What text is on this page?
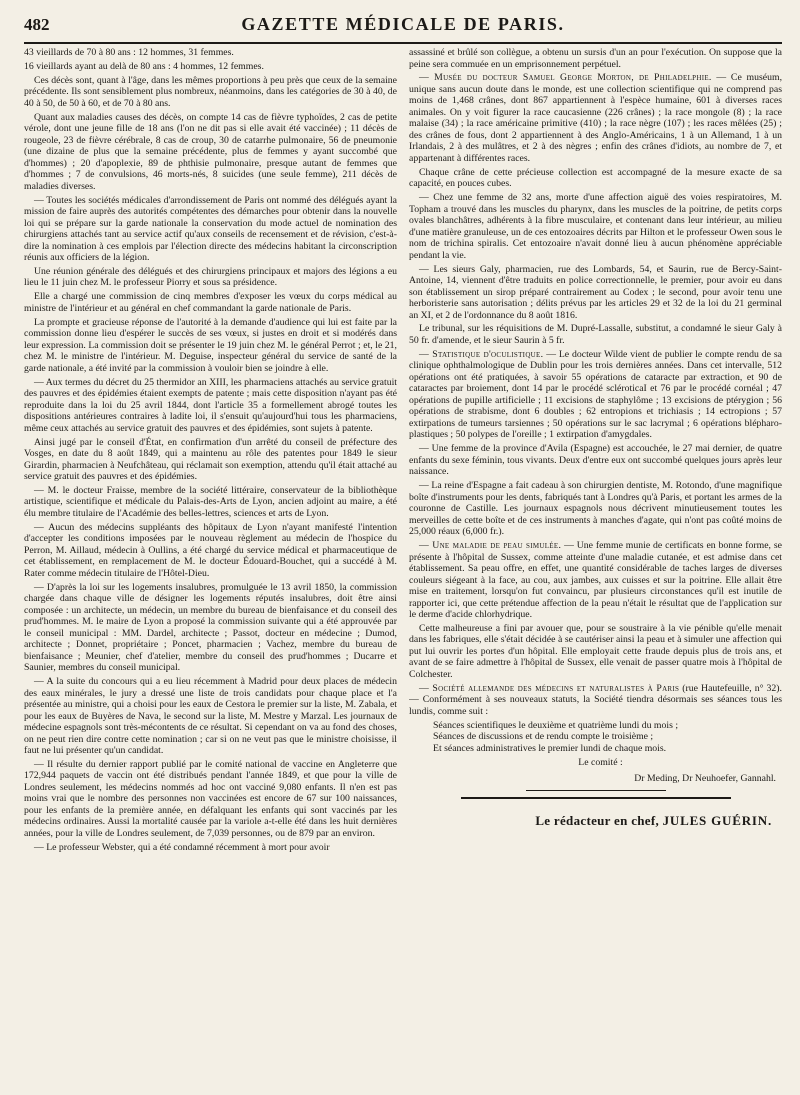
482	GAZETTE MÉDICALE DE PARIS.

43 vieillards de 70 à 80 ans : 12 hommes, 31 femmes.

16 vieillards ayant au delà de 80 ans : 4 hommes, 12 femmes.

Ces décès sont, quant à l'âge, dans les mêmes proportions à peu près que ceux de la semaine précédente. Ils sont sensiblement plus nombreux, néanmoins, dans les catégories de 30 à 40, de 40 à 50, de 50 à 60, et de 70 à 80 ans.

Quant aux maladies causes des décès, on compte 14 cas de fièvre typhoïdes, 2 cas de petite vérole, dont une jeune fille de 18 ans (l'on ne dit pas si elle avait été vaccinée) ; 11 décès de rougeole, 23 de fièvre cérébrale, 8 cas de croup, 30 de catarrhe pulmonaire, 56 de pneumonie (une dizaine de plus que la semaine précédente, plus de femmes y ayant succombé que d'hommes) ; 20 d'apoplexie, 89 de phthisie pulmonaire, presque autant de femmes que d'hommes ; 7 de convulsions, 46 morts-nés, 8 suicides (une seule femme), 211 décès de maladies diverses.

— Toutes les sociétés médicales d'arrondissement de Paris ont nommé des délégués ayant la mission de faire auprès des autorités compétentes des démarches pour obtenir dans la nouvelle loi qui se prépare sur la garde nationale la conservation du mode actuel de nomination des chirurgiens attachés tant au service actif qu'aux conseils de recensement et de révision, c'est-à-dire la nomination à ces emplois par l'élection directe des médecins habitant la circonscription réunis aux officiers de la légion.

Une réunion générale des délégués et des chirurgiens principaux et majors des légions a eu lieu le 11 juin chez M. le professeur Piorry et sous sa présidence.

Elle a chargé une commission de cinq membres d'exposer les vœux du corps médical au ministre de l'intérieur et au général en chef commandant la garde nationale de Paris.

La prompte et gracieuse réponse de l'autorité à la demande d'audience qui lui est faite par la commission donne lieu d'espérer le succès de ses vœux, si justes en droit et si modérés dans leur expression. La commission doit se présenter le 19 juin chez M. le général Perrot ; et, le 21, chez M. le ministre de l'intérieur. M. Deguise, inspecteur général du service de santé de la garde nationale, a été invité par la commission à vouloir bien se joindre à elle.

— Aux termes du décret du 25 thermidor an XIII, les pharmaciens attachés au service gratuit des pauvres et des épidémies étaient exempts de patente ; mais cette disposition n'ayant pas été reproduite dans la loi du 25 avril 1844, dont l'article 35 a formellement abrogé toutes les dispositions antérieures contraires à ladite loi, il s'ensuit qu'aujourd'hui tous les pharmaciens, même ceux attachés au service gratuit des pauvres et des épidémies, sont sujets à patente.

Ainsi jugé par le conseil d'État, en confirmation d'un arrêté du conseil de préfecture des Vosges, en date du 8 août 1849, qui a maintenu au rôle des patentes pour 1849 le sieur Girardin, pharmacien à Neufchâteau, qui réclamait son exemption, attendu qu'il était attaché au service gratuit des pauvres et des épidémies.

— M. le docteur Fraisse, membre de la société littéraire, conservateur de la bibliothèque artistique, scientifique et médicale du Palais-des-Arts de Lyon, ancien adjoint au maire, a été élu membre titulaire de l'Académie des belles-lettres, sciences et arts de Lyon.

— Aucun des médecins suppléants des hôpitaux de Lyon n'ayant manifesté l'intention d'accepter les conditions imposées par le nouveau règlement au médecin de l'hospice du Perron, M. Aillaud, médecin à Oullins, a été chargé du service médical et pharmaceutique de cet établissement, en remplacement de M. le docteur Édouard-Bouchet, qui a succédé à M. Rater comme médecin titulaire de l'Hôtel-Dieu.

— D'après la loi sur les logements insalubres, promulguée le 13 avril 1850, la commission chargée dans chaque ville de désigner les logements réputés insalubres, doit être ainsi composée : un architecte, un médecin, un membre du bureau de bienfaisance et du conseil des prud'hommes. M. le maire de Lyon a proposé la commission suivante qui a été approuvée par le conseil municipal : MM. Dardel, architecte ; Passot, docteur en médecine ; Dumod, architecte ; Donnet, propriétaire ; Poncet, pharmacien ; Vachez, membre du bureau de bienfaisance ; Meunier, chef d'atelier, membre du conseil des prud'hommes ; Ducarre et Saunier, membres du conseil municipal.

— A la suite du concours qui a eu lieu récemment à Madrid pour deux places de médecin des eaux minérales, le jury a dressé une liste de trois candidats pour chaque place et l'a présentée au ministre, qui a choisi pour les eaux de Cestora le premier sur la liste, M. Zabala, et pour les eaux de Buyères de Nava, le second sur la liste, M. Mestre y Marzal. Les journaux de médecine espagnols sont très-mécontents de ce résultat. Si cependant on va au fond des choses, on ne peut rien dire contre cette nomination ; car si on ne veut pas que le ministre choisisse, il faut ne lui présenter qu'un candidat.

— Il résulte du dernier rapport publié par le comité national de vaccine en Angleterre que 172,944 paquets de vaccin ont été distribués pendant l'année 1849, et que pour la ville de Londres seulement, les médecins nommés ad hoc ont vacciné 9,080 enfants. Il n'en est pas moins vrai que le nombre des personnes non vaccinées est encore de 67 sur 100 naissances, pour les enfants de la première année, en défalquant les enfants qui sont vaccinés par les médecins ordinaires. Aussi la mortalité causée par la variole a-t-elle été dans les huit dernières années, pour la ville de Londres seulement, de 7,039 personnes, ou de 879 par an environ.

— Le professeur Webster, qui a été condamné récemment à mort pour avoir

assassiné et brûlé son collègue, a obtenu un sursis d'un an pour l'exécution. On suppose que la peine sera commuée en un emprisonnement perpétuel.

— Musée du docteur Samuel George Morton, de Philadelphie. — Ce muséum, unique sans aucun doute dans le monde, est une collection scientifique qui ne comprend pas moins de 1,468 crânes, dont 867 appartiennent à l'espèce humaine, 601 à diverses races animales. On y voit figurer la race caucasienne (226 crânes) ; la race mongole (8) ; la race malaise (34) ; la race américaine primitive (410) ; la race nègre (107) ; les races mêlées (25) ; des crânes de fous, dont 2 appartiennent à des Anglo-Américains, 1 à un Allemand, 1 à un Irlandais, 2 à des mulâtres, et 2 à des nègres ; enfin des crânes d'idiots, au nombre de 7, et appartenant à différentes races.

Chaque crâne de cette précieuse collection est accompagné de la mesure exacte de sa capacité, en pouces cubes.

— Chez une femme de 32 ans, morte d'une affection aiguë des voies respiratoires, M. Topham a trouvé dans les muscles du pharynx, dans les muscles de la poitrine, de petits corps ovales blanchâtres, adhérents à la fibre musculaire, et contenant dans leur intérieur, au milieu d'une matière granuleuse, un de ces entozoaires décrits par Hilton et le professeur Owen sous le nom de trichina spiralis. Cet entozoaire n'avait donné lieu à aucun phénomène appréciable pendant la vie.

— Les sieurs Galy, pharmacien, rue des Lombards, 54, et Saurin, rue de Bercy-Saint-Antoine, 14, viennent d'être traduits en police correctionnelle, le premier, pour avoir eu dans son établissement un sirop préparé contrairement au Codex ; le second, pour avoir tenu une herboristerie sans autorisation ; délits prévus par les articles 29 et 32 de la loi du 21 germinal an XI, et 2 de l'ordonnance du 8 août 1816.

Le tribunal, sur les réquisitions de M. Dupré-Lassalle, substitut, a condamné le sieur Galy à 50 fr. d'amende, et le sieur Saurin à 5 fr.

— Statistique d'oculistique. — Le docteur Wilde vient de publier le compte rendu de sa clinique ophthalmologique de Dublin pour les trois dernières années. Dans cet intervalle, 512 opérations ont été pratiquées, à savoir 55 opérations de cataracte par extraction, et 90 de cataractes par broiement, dont 14 par le procédé scléroticaI et 76 par le procédé cornéal ; 47 opérations de pupille artificielle ; 11 excisions de staphylôme ; 13 excisions de ptérygion ; 56 opérations de strabisme, dont 6 doubles ; 62 entropions et trichiasis ; 14 ectropions ; 57 extirpations de tumeurs tarsiennes ; 50 opérations sur le sac lacrymal ; 6 opérations blépharo-plastiques ; 50 polypes de l'oreille ; 1 extirpation d'amygdales.

— Une femme de la province d'Avila (Espagne) est accouchée, le 27 mai dernier, de quatre enfants du sexe féminin, tous vivants. Deux d'entre eux ont succombé quelques jours après leur naissance.

— La reine d'Espagne a fait cadeau à son chirurgien dentiste, M. Rotondo, d'une magnifique boîte d'instruments pour les dents, fabriqués tant à Londres qu'à Paris, et portant les armes de la couronne de Castille. Les journaux espagnols nous décrivent minutieusement toutes les merveilles de cette boîte et de ces instruments à manches d'agate, qui n'ont pas coûté moins de 25,000 réaux (6,000 fr.).

— Une maladie de peau simulée. — Une femme munie de certificats en bonne forme, se présente à l'hôpital de Sussex, comme atteinte d'une maladie cutanée, et est admise dans cet établissement. Sa peau offre, en effet, une quantité considérable de taches larges de diverses couleurs siégeant à la face, au cou, aux jambes, aux cuisses et sur la poitrine. Elle allait être mise en traitement, lorsqu'on fut convaincu, par plusieurs circonstances qu'il est inutile de rapporter ici, que cette prétendue affection de la peau n'était le résultat que de l'application sur le derme d'acide chlorhydrique.

Cette malheureuse a fini par avouer que, pour se soustraire à la vie pénible qu'elle menait dans les fabriques, elle s'était décidée à se cautériser ainsi la peau et à simuler une affection qui put lui ouvrir les portes d'un hôpital. Elle employait cette fraude depuis plus de trois ans, et avant de se faire admettre à l'hôpital de Sussex, elle venait de passer quatre mois à l'hôpital de Colchester.

— Société allemande des médecins et naturalistes à Paris (rue Hautefeuille, n° 32). — Conformément à ses nouveaux statuts, la Société tiendra désormais ses séances tous les lundis, comme suit :

Séances scientifiques le deuxième et quatrième lundi du mois ;

Séances de discussions et de rendu compte le troisième ;

Et séances administratives le premier lundi de chaque mois.

Le comité :

Dr Meding, Dr Neuhoefer, Gannahl.
Le rédacteur en chef, JULES GUÉRIN.
